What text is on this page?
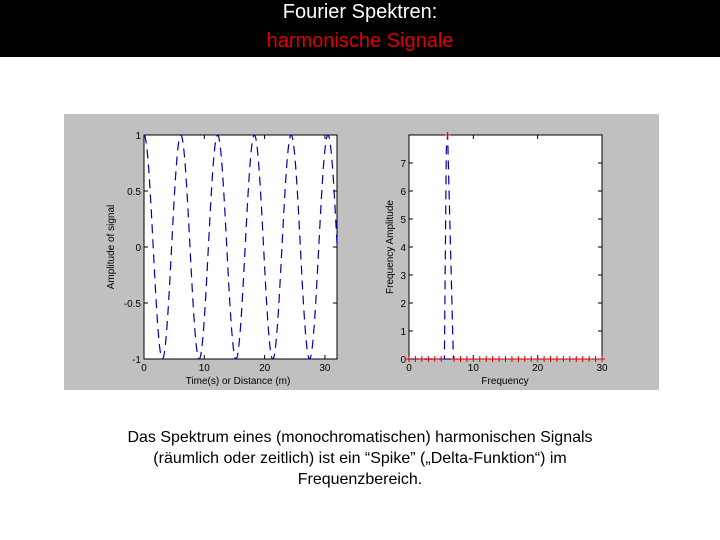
Fourier Spektren:
harmonische Signale
0	10	20	30
-1
-0.5
0
0.5
1
Time(s) or Distance (m)
Amplitude of signal
0	10	20	30
0
1
2
3
4
5
6
7
Frequency
Frequency Amplitude
Das Spektrum eines (monochromatischen) harmonischen Signals
(räumlich oder zeitlich) ist ein “Spike” („Delta-Funktion“) im
Frequenzbereich.
